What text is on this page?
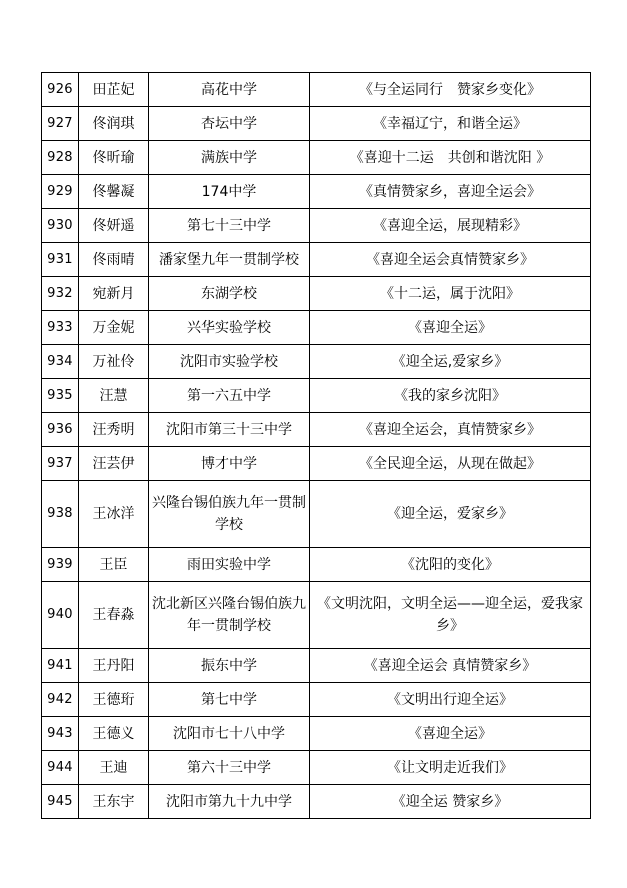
926	田芷妃	高花中学	《与全运同行　赞家乡变化》
927	佟润琪	杏坛中学	《幸福辽宁，和谐全运》
928	佟昕瑜	满族中学	《喜迎十二运　共创和谐沈阳 》
929	佟馨凝	174中学	《真情赞家乡，喜迎全运会》
930	佟妍遥	第七十三中学	《喜迎全运，展现精彩》
931	佟雨晴	潘家堡九年一贯制学校	《喜迎全运会真情赞家乡》
932	宛新月	东湖学校	《十二运，属于沈阳》
933	万金妮	兴华实验学校	《喜迎全运》
934	万祉伶	沈阳市实验学校	《迎全运,爱家乡》
935	汪慧	第一六五中学	《我的家乡沈阳》
936	汪秀明	沈阳市第三十三中学	《喜迎全运会，真情赞家乡》
937	汪芸伊	博才中学	《全民迎全运，从现在做起》
938	王冰洋	兴隆台锡伯族九年一贯制学校	《迎全运，爱家乡》
939	王臣	雨田实验中学	《沈阳的变化》
940	王春淼	沈北新区兴隆台锡伯族九年一贯制学校	《文明沈阳，文明全运——迎全运，爱我家乡》
941	王丹阳	振东中学	《喜迎全运会 真情赞家乡》
942	王德珩	第七中学	《文明出行迎全运》
943	王德义	沈阳市七十八中学	《喜迎全运》
944	王迪	第六十三中学	《让文明走近我们》
945	王东宇	沈阳市第九十九中学	《迎全运 赞家乡》
